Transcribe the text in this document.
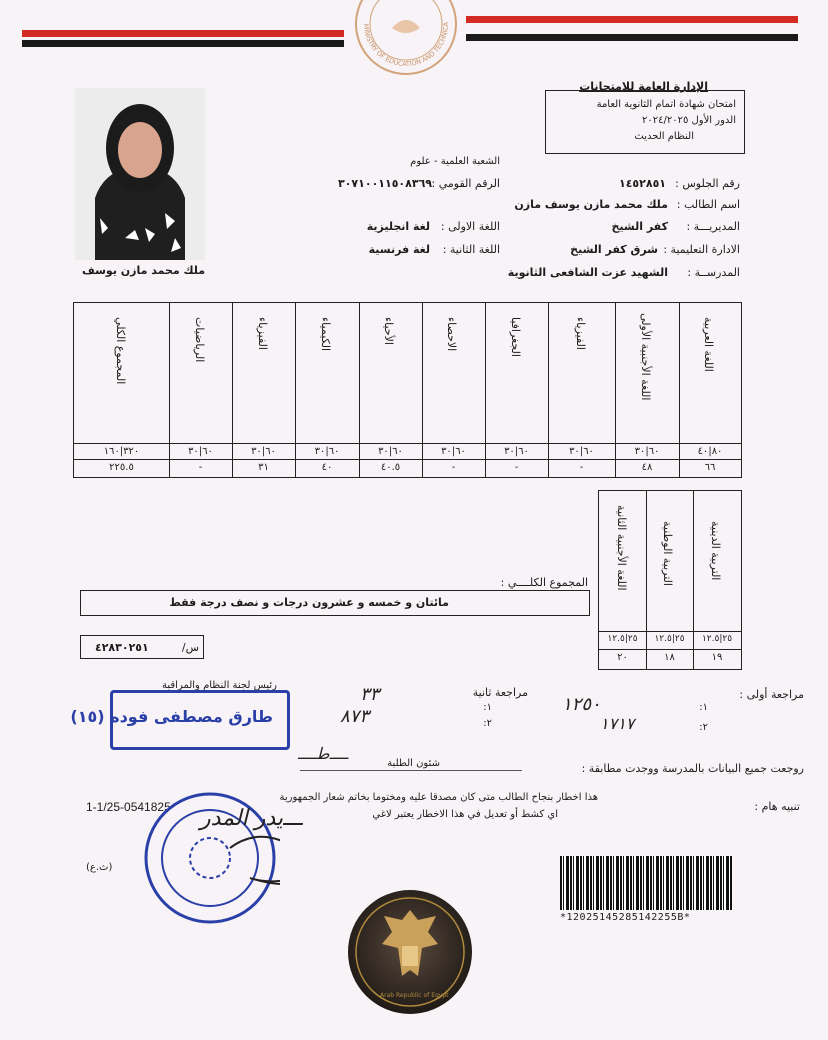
MINISTRY OF EDUCATION AND TECHNICA
الإدارة العامة للامتحانات
امتحان شهادة اتمام الثانوية العامة
الدور الأول ٢٠٢٤/٢٠٢٥
النظام الحديث
ملك محمد مازن يوسف
الشعبة العلمية - علوم
رقم الجلوس :
١٤٥٢٨٥١
الرقم القومي :
٣٠٧١٠٠١١٥٠٨٣٦٩
اسم الطالب :
ملك محمد مازن يوسف مازن
المديريـــة :
كفر الشيخ
اللغة الاولى :
لغة انجليزية
الادارة التعليمية :
شرق كفر الشيخ
اللغة الثانية :
لغة فرنسية
المدرســة :
الشهيد عزت الشافعى الثانوية
اللغة العربية
اللغة الأجنبية الأولى
الفيزياء
الجغرافيا
الاحصاء
الأحياء
الكيمياء
الفيزياء
الرياضيات
المجموع الكلي
٨٠|٤٠
٦٠|٣٠
٦٠|٣٠
٦٠|٣٠
٦٠|٣٠
٦٠|٣٠
٦٠|٣٠
٦٠|٣٠
٦٠|٣٠
٣٢٠|١٦٠
٦٦
٤٨
-
-
-
٤٠.٥
٤٠
٣١
-
٢٢٥.٥
التربية الدينية
التربية الوطنية
اللغة الأجنبية الثانية
٢٥|١٢.٥
٢٥|١٢.٥
٢٥|١٢.٥
١٩
١٨
٢٠
المجموع الكلــــي :
مائتان و خمسه و عشرون درجات و نصف درجة فقط
س/
٤٢٨٣٠٢٥١
مراجعة أولى :
١:
٢:
١٢٥٠
١٧١٧
مراجعة ثانية
١:
٢:
٣٣
٨٧٣
رئيس لجنة النظام والمراقبة
طارق مصطفى فوده (١٥)
روجعت جميع البيانات بالمدرسة ووجدت مطابقة :
شئون الطلبة
ــــﻃــــ
تنبيه هام :
هذا اخطار بنجاح الطالب متى كان مصدقا عليه ومختوما بخاتم شعار الجمهورية
اي كشط أو تعديل في هذا الاخطار يعتبر لاغي
1-1/25-0541825
(ث.ع)
ـــﻳﺪﺭ ﺍﻟﻤﺪﺭ
*12025145285142255B*
Arab Republic of Egypt
